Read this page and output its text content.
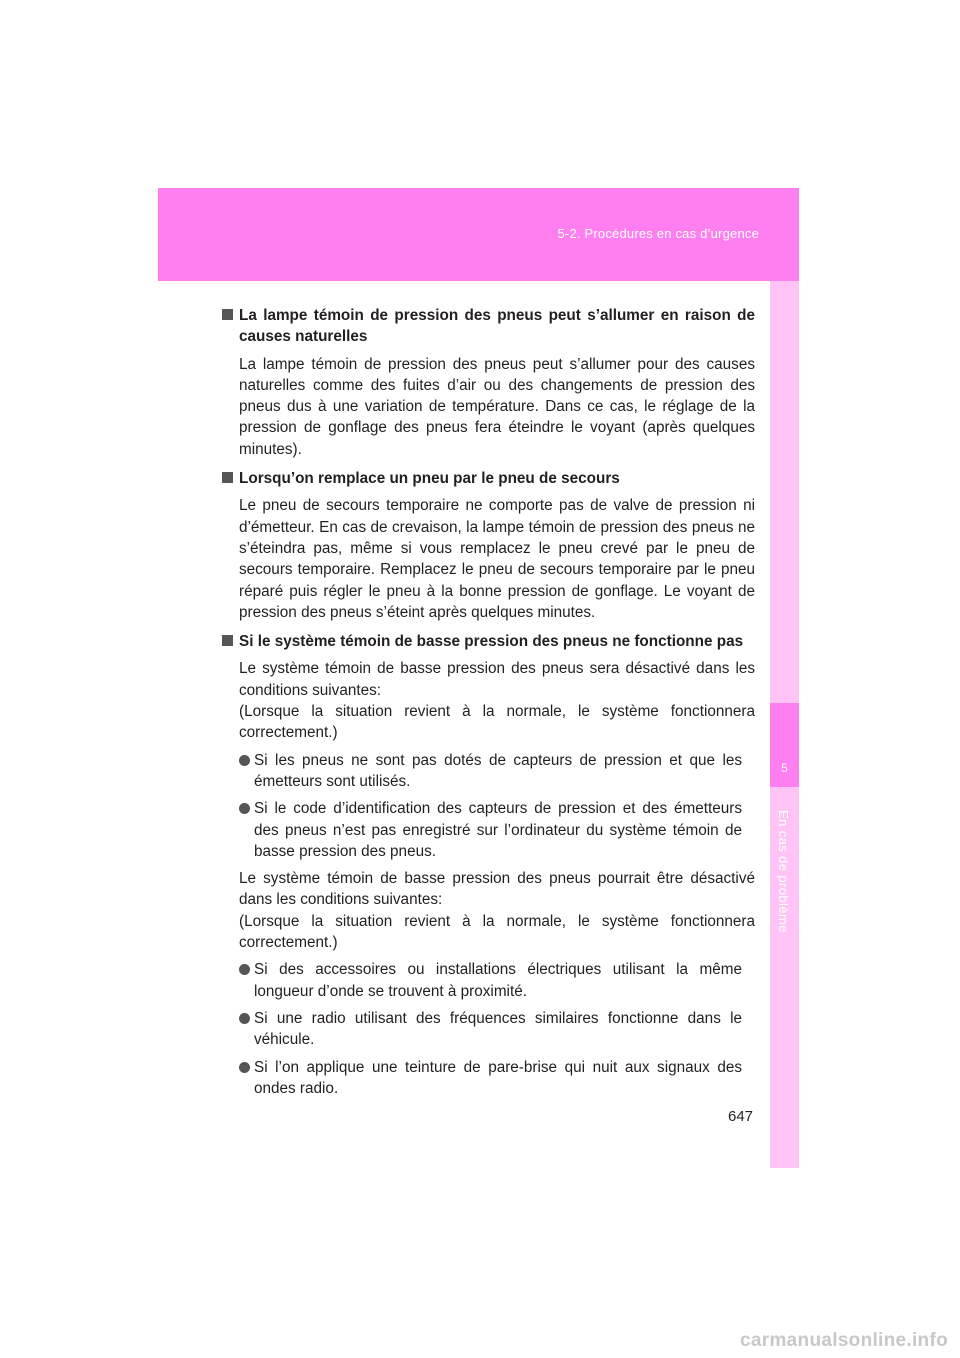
5-2. Procédures en cas d’urgence
5
En cas de problème
La lampe témoin de pression des pneus peut s’allumer en raison de causes naturelles
La lampe témoin de pression des pneus peut s’allumer pour des causes naturelles comme des fuites d’air ou des changements de pression des pneus dus à une variation de température. Dans ce cas, le réglage de la pression de gonflage des pneus fera éteindre le voyant (après quelques minutes).
Lorsqu’on remplace un pneu par le pneu de secours
Le pneu de secours temporaire ne comporte pas de valve de pression ni d’émetteur. En cas de crevaison, la lampe témoin de pression des pneus ne s’éteindra pas, même si vous remplacez le pneu crevé par le pneu de secours temporaire. Remplacez le pneu de secours temporaire par le pneu réparé puis régler le pneu à la bonne pression de gonflage. Le voyant de pression des pneus s’éteint après quelques minutes.
Si le système témoin de basse pression des pneus ne fonctionne pas
Le système témoin de basse pression des pneus sera désactivé dans les conditions suivantes:
(Lorsque la situation revient à la normale, le système fonctionnera correctement.)
Si les pneus ne sont pas dotés de capteurs de pression et que les émetteurs sont utilisés.
Si le code d’identification des capteurs de pression et des émetteurs des pneus n’est pas enregistré sur l’ordinateur du système témoin de basse pression des pneus.
Le système témoin de basse pression des pneus pourrait être désactivé dans les conditions suivantes:
(Lorsque la situation revient à la normale, le système fonctionnera correctement.)
Si des accessoires ou installations électriques utilisant la même longueur d’onde se trouvent à proximité.
Si une radio utilisant des fréquences similaires fonctionne dans le véhicule.
Si l’on applique une teinture de pare-brise qui nuit aux signaux des ondes radio.
647
carmanualsonline.info
